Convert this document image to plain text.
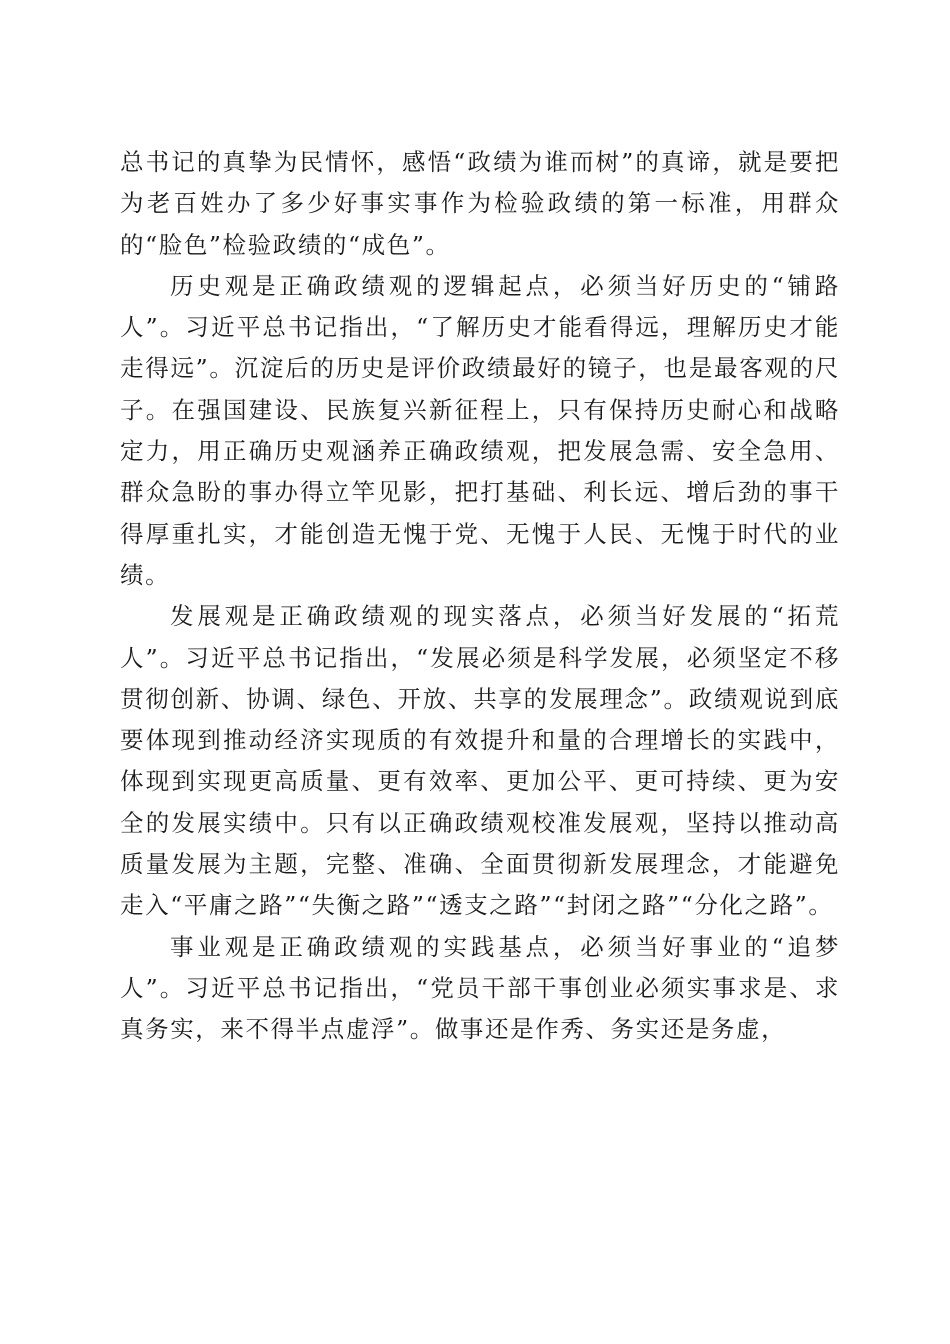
总书记的真挚为民情怀，感悟“政绩为谁而树”的真谛，就是要把为老百姓办了多少好事实事作为检验政绩的第一标准，用群众的“脸色”检验政绩的“成色”。

历史观是正确政绩观的逻辑起点，必须当好历史的“铺路人”。习近平总书记指出，“了解历史才能看得远，理解历史才能走得远”。沉淀后的历史是评价政绩最好的镜子，也是最客观的尺子。在强国建设、民族复兴新征程上，只有保持历史耐心和战略定力，用正确历史观涵养正确政绩观，把发展急需、安全急用、群众急盼的事办得立竿见影，把打基础、利长远、增后劲的事干得厚重扎实，才能创造无愧于党、无愧于人民、无愧于时代的业绩。

发展观是正确政绩观的现实落点，必须当好发展的“拓荒人”。习近平总书记指出，“发展必须是科学发展，必须坚定不移贯彻创新、协调、绿色、开放、共享的发展理念”。政绩观说到底要体现到推动经济实现质的有效提升和量的合理增长的实践中，体现到实现更高质量、更有效率、更加公平、更可持续、更为安全的发展实绩中。只有以正确政绩观校准发展观，坚持以推动高质量发展为主题，完整、准确、全面贯彻新发展理念，才能避免走入“平庸之路”“失衡之路”“透支之路”“封闭之路”“分化之路”。

事业观是正确政绩观的实践基点，必须当好事业的“追梦人”。习近平总书记指出，“党员干部干事创业必须实事求是、求真务实，来不得半点虚浮”。做事还是作秀、务实还是务虚，
